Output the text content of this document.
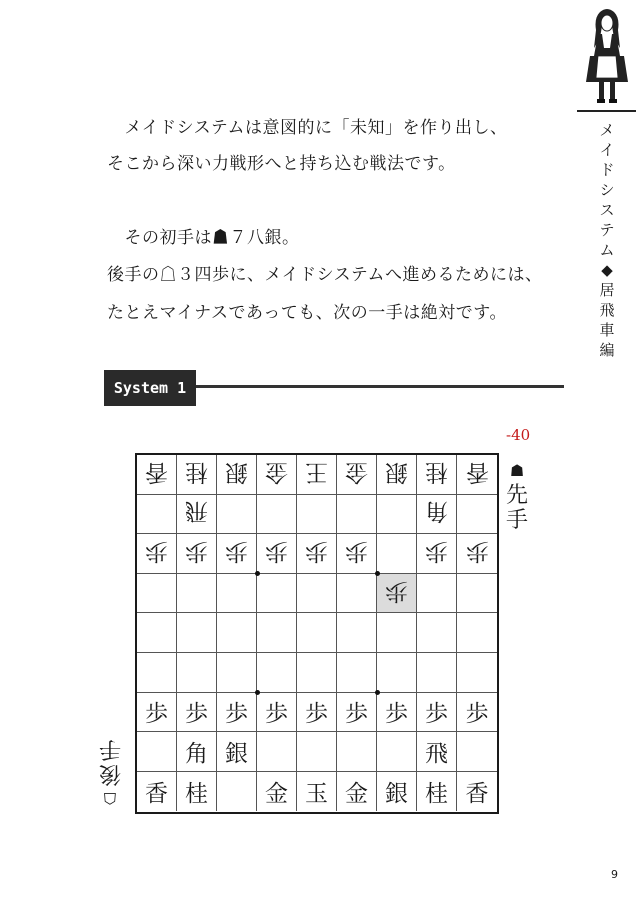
メ
イ
ド
シ
ス
テ
ム
◆
居
飛
車
編
　メイドシステムは意図的に「未知」を作り出し、
そこから深い力戦形へと持ち込む戦法です。
　その初手は☗７八銀。
後手の☖３四歩に、メイドシステムへ進めるためには、
たとえマイナスであっても、次の一手は絶対です。
System 1
-40
☗
先
手
☖
後
手
香 桂 銀 金 王 金 銀 桂 香
飛	角
歩 歩 歩 歩 歩 歩 歩 歩
歩
歩 歩 歩 歩 歩 歩 歩 歩 歩
角 銀	飛
香 桂 金 玉 金 銀 桂 香
9
